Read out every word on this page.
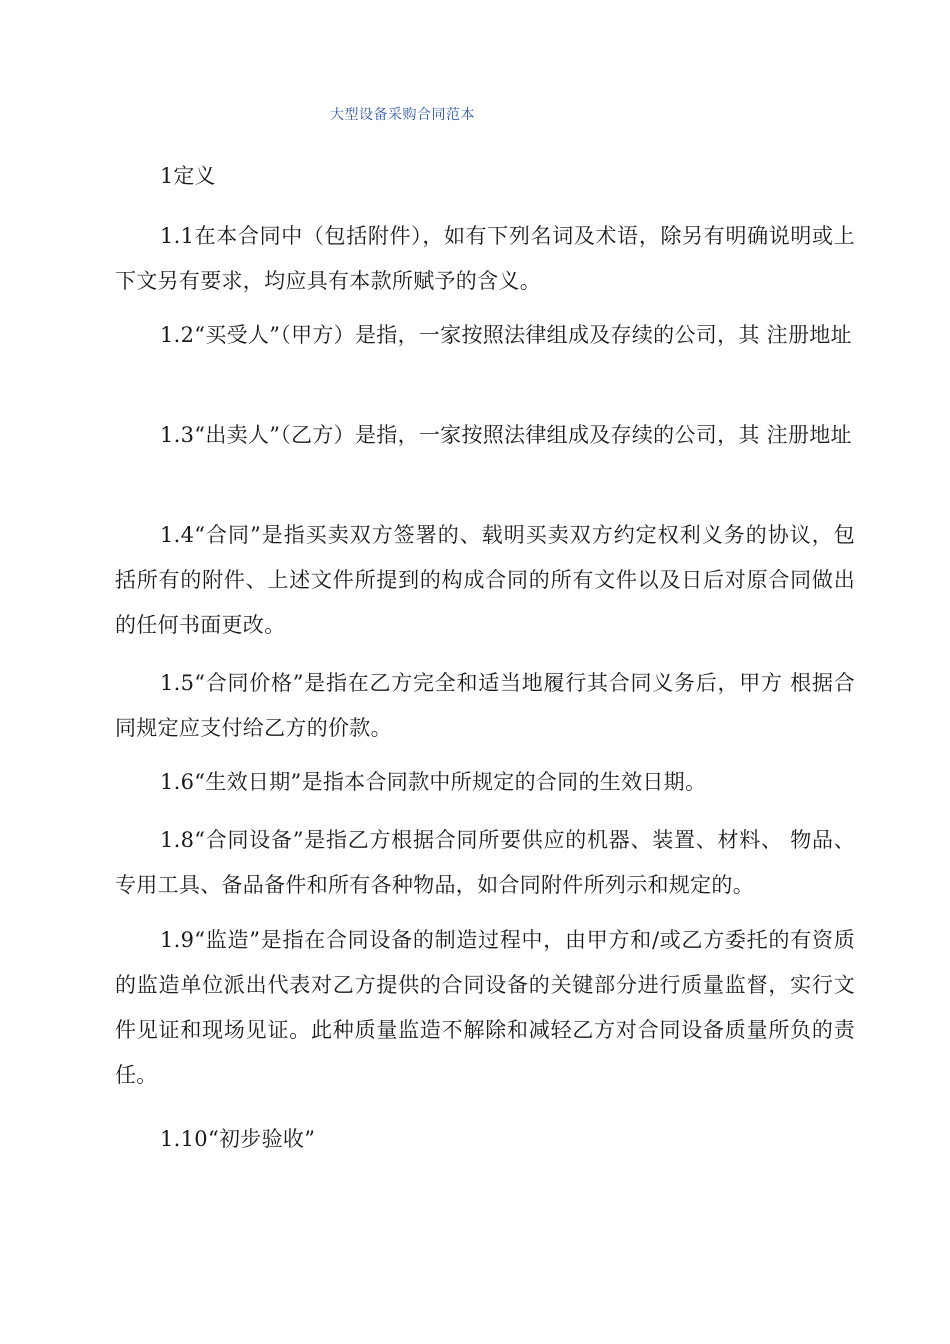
大型设备采购合同范本
1定义

1.1在本合同中（包括附件），如有下列名词及术语，除另有明确说明或上下文另有要求，均应具有本款所赋予的含义。

1.2“买受人”（甲方）是指，一家按照法律组成及存续的公司，其 注册地址

1.3“出卖人”（乙方）是指，一家按照法律组成及存续的公司，其 注册地址

1.4“合同”是指买卖双方签署的、载明买卖双方约定权利义务的协议，包括所有的附件、上述文件所提到的构成合同的所有文件以及日后对原合同做出的任何书面更改。

1.5“合同价格”是指在乙方完全和适当地履行其合同义务后，甲方 根据合同规定应支付给乙方的价款。

1.6“生效日期”是指本合同款中所规定的合同的生效日期。

1.8“合同设备”是指乙方根据合同所要供应的机器、装置、材料、 物品、专用工具、备品备件和所有各种物品，如合同附件所列示和规定的。

1.9“监造”是指在合同设备的制造过程中，由甲方和/或乙方委托的有资质的监造单位派出代表对乙方提供的合同设备的关键部分进行质量监督，实行文件见证和现场见证。此种质量监造不解除和减轻乙方对合同设备质量所负的责任。

1.10“初步验收”
